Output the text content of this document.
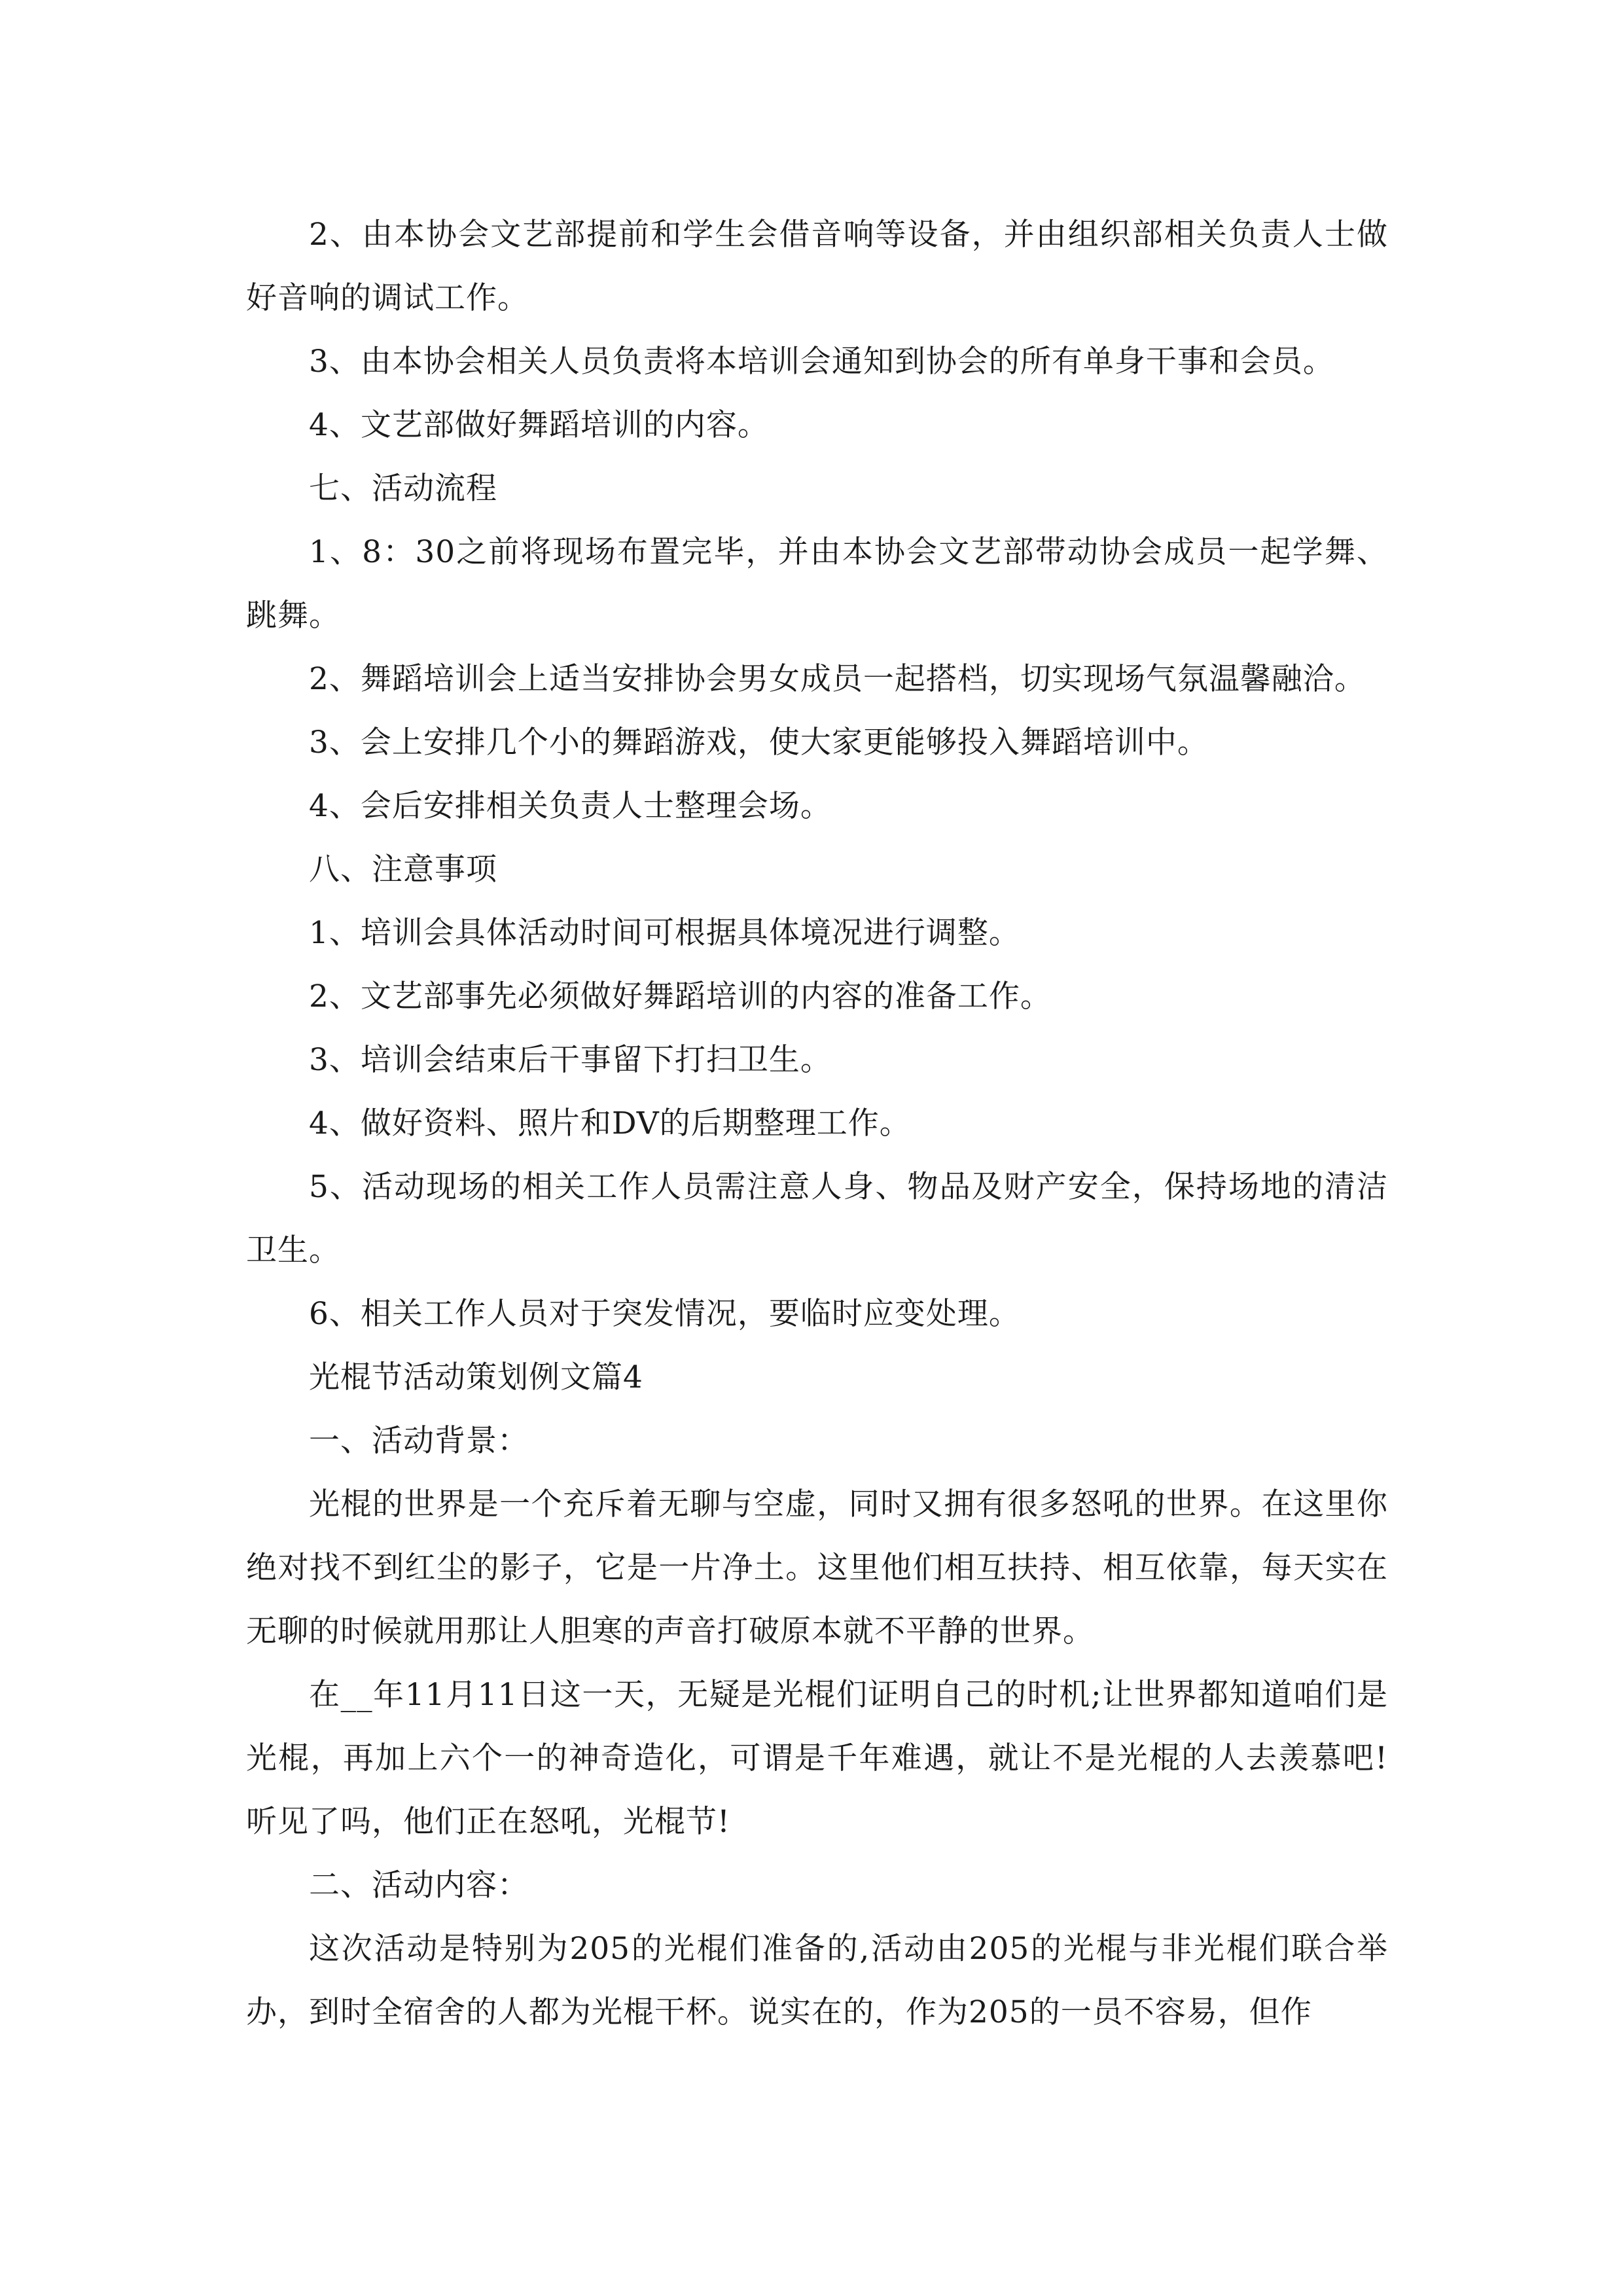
2、由本协会文艺部提前和学生会借音响等设备，并由组织部相关负责人士做好音响的调试工作。

3、由本协会相关人员负责将本培训会通知到协会的所有单身干事和会员。

4、文艺部做好舞蹈培训的内容。

七、活动流程

1、8：30之前将现场布置完毕，并由本协会文艺部带动协会成员一起学舞、跳舞。

2、舞蹈培训会上适当安排协会男女成员一起搭档，切实现场气氛温馨融洽。

3、会上安排几个小的舞蹈游戏，使大家更能够投入舞蹈培训中。

4、会后安排相关负责人士整理会场。

八、注意事项

1、培训会具体活动时间可根据具体境况进行调整。

2、文艺部事先必须做好舞蹈培训的内容的准备工作。

3、培训会结束后干事留下打扫卫生。

4、做好资料、照片和DV的后期整理工作。

5、活动现场的相关工作人员需注意人身、物品及财产安全，保持场地的清洁卫生。

6、相关工作人员对于突发情况，要临时应变处理。

光棍节活动策划例文篇4

一、活动背景：

光棍的世界是一个充斥着无聊与空虚，同时又拥有很多怒吼的世界。在这里你绝对找不到红尘的影子，它是一片净土。这里他们相互扶持、相互依靠，每天实在无聊的时候就用那让人胆寒的声音打破原本就不平静的世界。

在__年11月11日这一天，无疑是光棍们证明自己的时机;让世界都知道咱们是光棍，再加上六个一的神奇造化，可谓是千年难遇，就让不是光棍的人去羡慕吧!听见了吗，他们正在怒吼，光棍节!

二、活动内容：

这次活动是特别为205的光棍们准备的,活动由205的光棍与非光棍们联合举办，到时全宿舍的人都为光棍干杯。说实在的，作为205的一员不容易，但作
